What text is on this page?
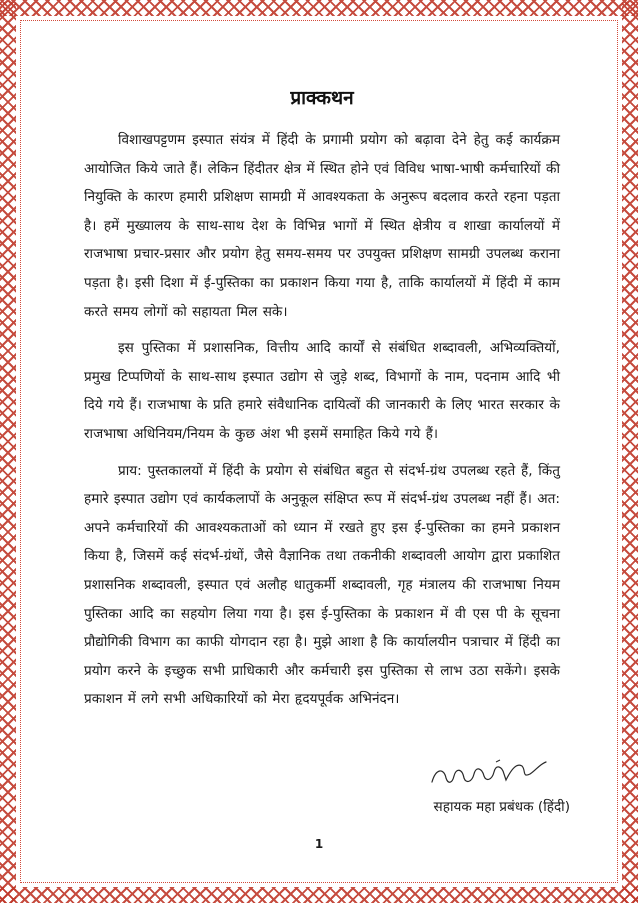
प्राक्कथन

विशाखपट्टणम इस्पात संयंत्र में हिंदी के प्रगामी प्रयोग को बढ़ावा देने हेतु कई कार्यक्रम आयोजित किये जाते हैं। लेकिन हिंदीतर क्षेत्र में स्थित होने एवं विविध भाषा-भाषी कर्मचारियों की नियुक्ति के कारण हमारी प्रशिक्षण सामग्री में आवश्यकता के अनुरूप बदलाव करते रहना पड़ता है। हमें मुख्यालय के साथ-साथ देश के विभिन्न भागों में स्थित क्षेत्रीय व शाखा कार्यालयों में राजभाषा प्रचार-प्रसार और प्रयोग हेतु समय-समय पर उपयुक्त प्रशिक्षण सामग्री उपलब्ध कराना पड़ता है। इसी दिशा में ई-पुस्तिका का प्रकाशन किया गया है, ताकि कार्यालयों में हिंदी में काम करते समय लोगों को सहायता मिल सके।

इस पुस्तिका में प्रशासनिक, वित्तीय आदि कार्यों से संबंधित शब्दावली, अभिव्यक्तियों, प्रमुख टिप्पणियों के साथ-साथ इस्पात उद्योग से जुड़े शब्द, विभागों के नाम, पदनाम आदि भी दिये गये हैं। राजभाषा के प्रति हमारे संवैधानिक दायित्वों की जानकारी के लिए भारत सरकार के राजभाषा अधिनियम/नियम के कुछ अंश भी इसमें समाहित किये गये हैं।

प्राय: पुस्तकालयों में हिंदी के प्रयोग से संबंधित बहुत से संदर्भ-ग्रंथ उपलब्ध रहते हैं, किंतु हमारे इस्पात उद्योग एवं कार्यकलापों के अनुकूल संक्षिप्त रूप में संदर्भ-ग्रंथ उपलब्ध नहीं हैं। अत: अपने कर्मचारियों की आवश्यकताओं को ध्यान में रखते हुए इस ई-पुस्तिका का हमने प्रकाशन किया है, जिसमें कई संदर्भ-ग्रंथों, जैसे वैज्ञानिक तथा तकनीकी शब्दावली आयोग द्वारा प्रकाशित प्रशासनिक शब्दावली, इस्पात एवं अलौह धातुकर्मी शब्दावली, गृह मंत्रालय की राजभाषा नियम पुस्तिका आदि का सहयोग लिया गया है। इस ई-पुस्तिका के प्रकाशन में वी एस पी के सूचना प्रौद्योगिकी विभाग का काफी योगदान रहा है। मुझे आशा है कि कार्यालयीन पत्राचार में हिंदी का प्रयोग करने के इच्छुक सभी प्राधिकारी और कर्मचारी इस पुस्तिका से लाभ उठा सकेंगे। इसके प्रकाशन में लगे सभी अधिकारियों को मेरा हृदयपूर्वक अभिनंदन।

सहायक महा प्रबंधक (हिंदी)
1
